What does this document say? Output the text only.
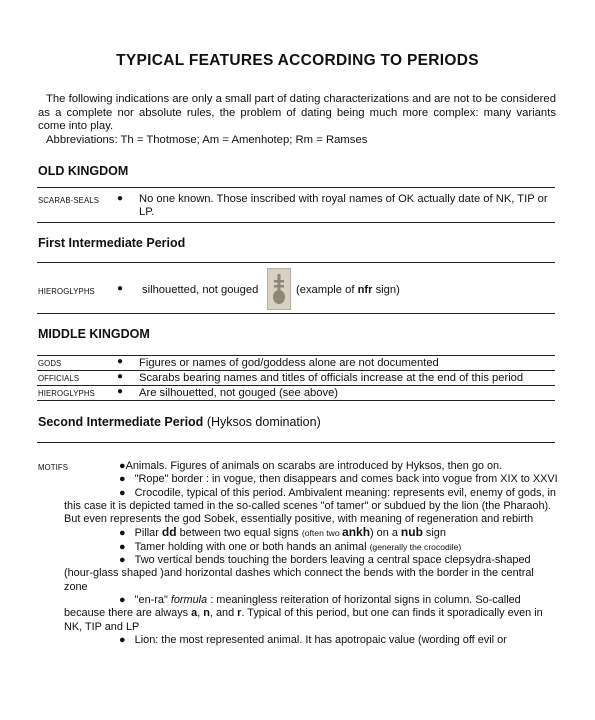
TYPICAL FEATURES ACCORDING TO PERIODS

The following indications are only a small part of dating characterizations and are not to be considered as a complete nor absolute rules, the problem of dating being much more complex: many variants come into play.

Abbreviations: Th = Thotmose; Am = Amenhotep; Rm = Ramses

OLD KINGDOM
SCARAB-SEALS ● No one known. Those inscribed with royal names of OK actually date of NK, TIP or LP.
First Intermediate Period
HIEROGLYPHS ● silhouetted, not gouged	(example of nfr sign)
MIDDLE KINGDOM
GODS	● Figures or names of god/goddess alone are not documented
OFFICIALS	● Scarabs bearing names and titles of officials increase at the end of this period
HIEROGLYPHS ● Are silhouetted, not gouged (see above)
Second Intermediate Period (Hyksos domination)
MOTIFS	●Animals. Figures of animals on scarabs are introduced by Hyksos, then go on.

● "Rope" border : in vogue, then disappears and comes back into vogue from XIX to XXVI

● Crocodile, typical of this period. Ambivalent meaning: represents evil, enemy of gods, in this case it is depicted tamed in the so-called scenes "of tamer" or subdued by the lion (the Pharaoh). But even represents the god Sobek, essentially positive, with meaning of regeneration and rebirth

● Pillar dd between two equal signs (often two ankh) on a nub sign

● Tamer holding with one or both hands an animal (generally the crocodile)

● Two vertical bends touching the borders leaving a central space clepsydra-shaped

(hour-glass shaped )and horizontal dashes which connect the bends with the border in the central zone

● "en-ra" formula : meaningless reiteration of horizontal signs in column. So-called because there are always a, n, and r. Typical of this period, but one can finds it sporadically even in NK, TIP and LP

● Lion: the most represented animal. It has apotropaic value (wording off evil or
